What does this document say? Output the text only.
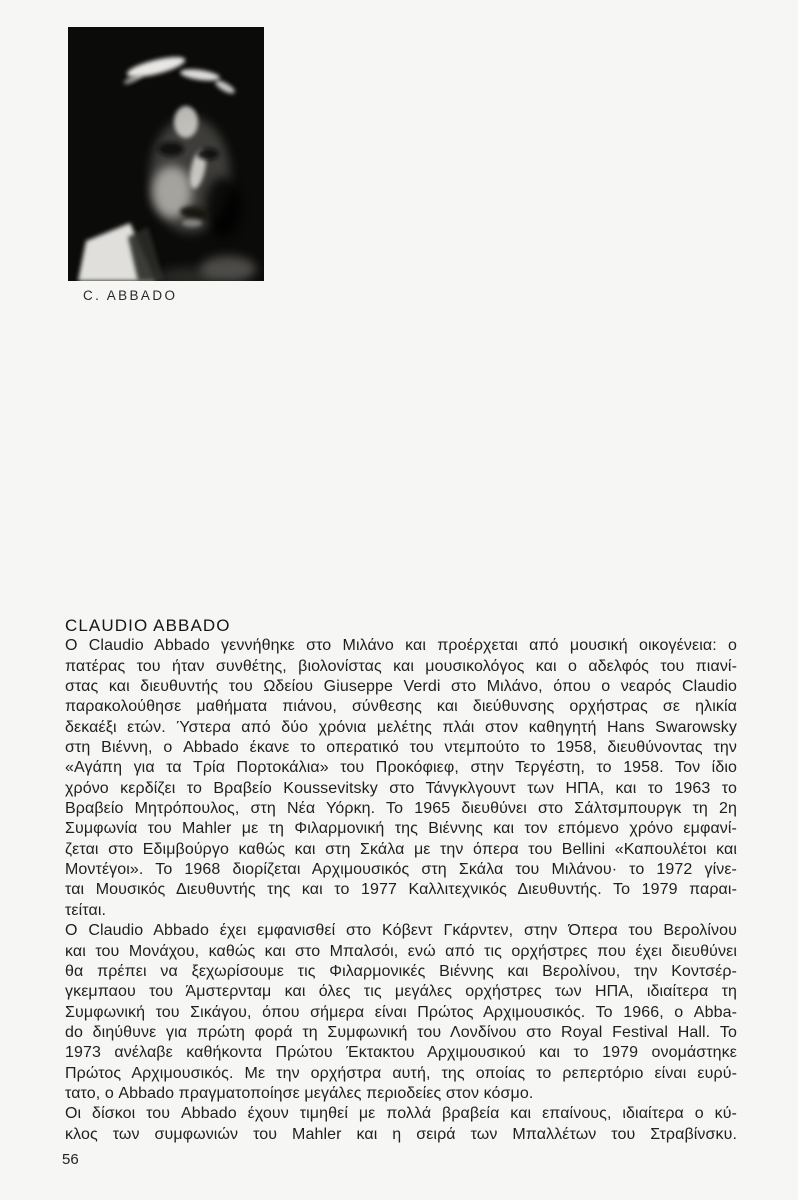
C. ABBADO
CLAUDIO ABBADO
Ο Claudio Abbado γεννήθηκε στο Μιλάνο και προέρχεται από μουσική οικογένεια: ο
πατέρας του ήταν συνθέτης, βιολονίστας και μουσικολόγος και ο αδελφός του πιανί-
στας και διευθυντής του Ωδείου Giuseppe Verdi στο Μιλάνο, όπου ο νεαρός Claudio
παρακολούθησε μαθήματα πιάνου, σύνθεσης και διεύθυνσης ορχήστρας σε ηλικία
δεκαέξι ετών. Ύστερα από δύο χρόνια μελέτης πλάι στον καθηγητή Hans Swarowsky
στη Βιέννη, ο Abbado έκανε το οπερατικό του ντεμπούτο το 1958, διευθύνοντας την
«Αγάπη για τα Τρία Πορτοκάλια» του Προκόφιεφ, στην Τεργέστη, το 1958. Τον ίδιο
χρόνο κερδίζει το Βραβείο Koussevitsky στο Τάνγκλγουντ των ΗΠΑ, και το 1963 το
Βραβείο Μητρόπουλος, στη Νέα Υόρκη. Το 1965 διευθύνει στο Σάλτσμπουργκ τη 2η
Συμφωνία του Mahler με τη Φιλαρμονική της Βιέννης και τον επόμενο χρόνο εμφανί-
ζεται στο Εδιμβούργο καθώς και στη Σκάλα με την όπερα του Bellini «Καπουλέτοι και
Μοντέγοι». Το 1968 διορίζεται Αρχιμουσικός στη Σκάλα του Μιλάνου· το 1972 γίνε-
ται Μουσικός Διευθυντής της και το 1977 Καλλιτεχνικός Διευθυντής. Το 1979 παραι-
τείται.
Ο Claudio Abbado έχει εμφανισθεί στο Κόβεντ Γκάρντεν, στην Όπερα του Βερολίνου
και του Μονάχου, καθώς και στο Μπαλσόι, ενώ από τις ορχήστρες που έχει διευθύνει
θα πρέπει να ξεχωρίσουμε τις Φιλαρμονικές Βιέννης και Βερολίνου, την Κοντσέρ-
γκεμπαου του Άμστερνταμ και όλες τις μεγάλες ορχήστρες των ΗΠΑ, ιδιαίτερα τη
Συμφωνική του Σικάγου, όπου σήμερα είναι Πρώτος Αρχιμουσικός. Το 1966, ο Abba-
do διηύθυνε για πρώτη φορά τη Συμφωνική του Λονδίνου στο Royal Festival Hall. Το
1973 ανέλαβε καθήκοντα Πρώτου Έκτακτου Αρχιμουσικού και το 1979 ονομάστηκε
Πρώτος Αρχιμουσικός. Με την ορχήστρα αυτή, της οποίας το ρεπερτόριο είναι ευρύ-
τατο, ο Abbado πραγματοποίησε μεγάλες περιοδείες στον κόσμο.
Οι δίσκοι του Abbado έχουν τιμηθεί με πολλά βραβεία και επαίνους, ιδιαίτερα ο κύ-
κλος των συμφωνιών του Mahler και η σειρά των Μπαλλέτων του Στραβίνσκυ.
56
